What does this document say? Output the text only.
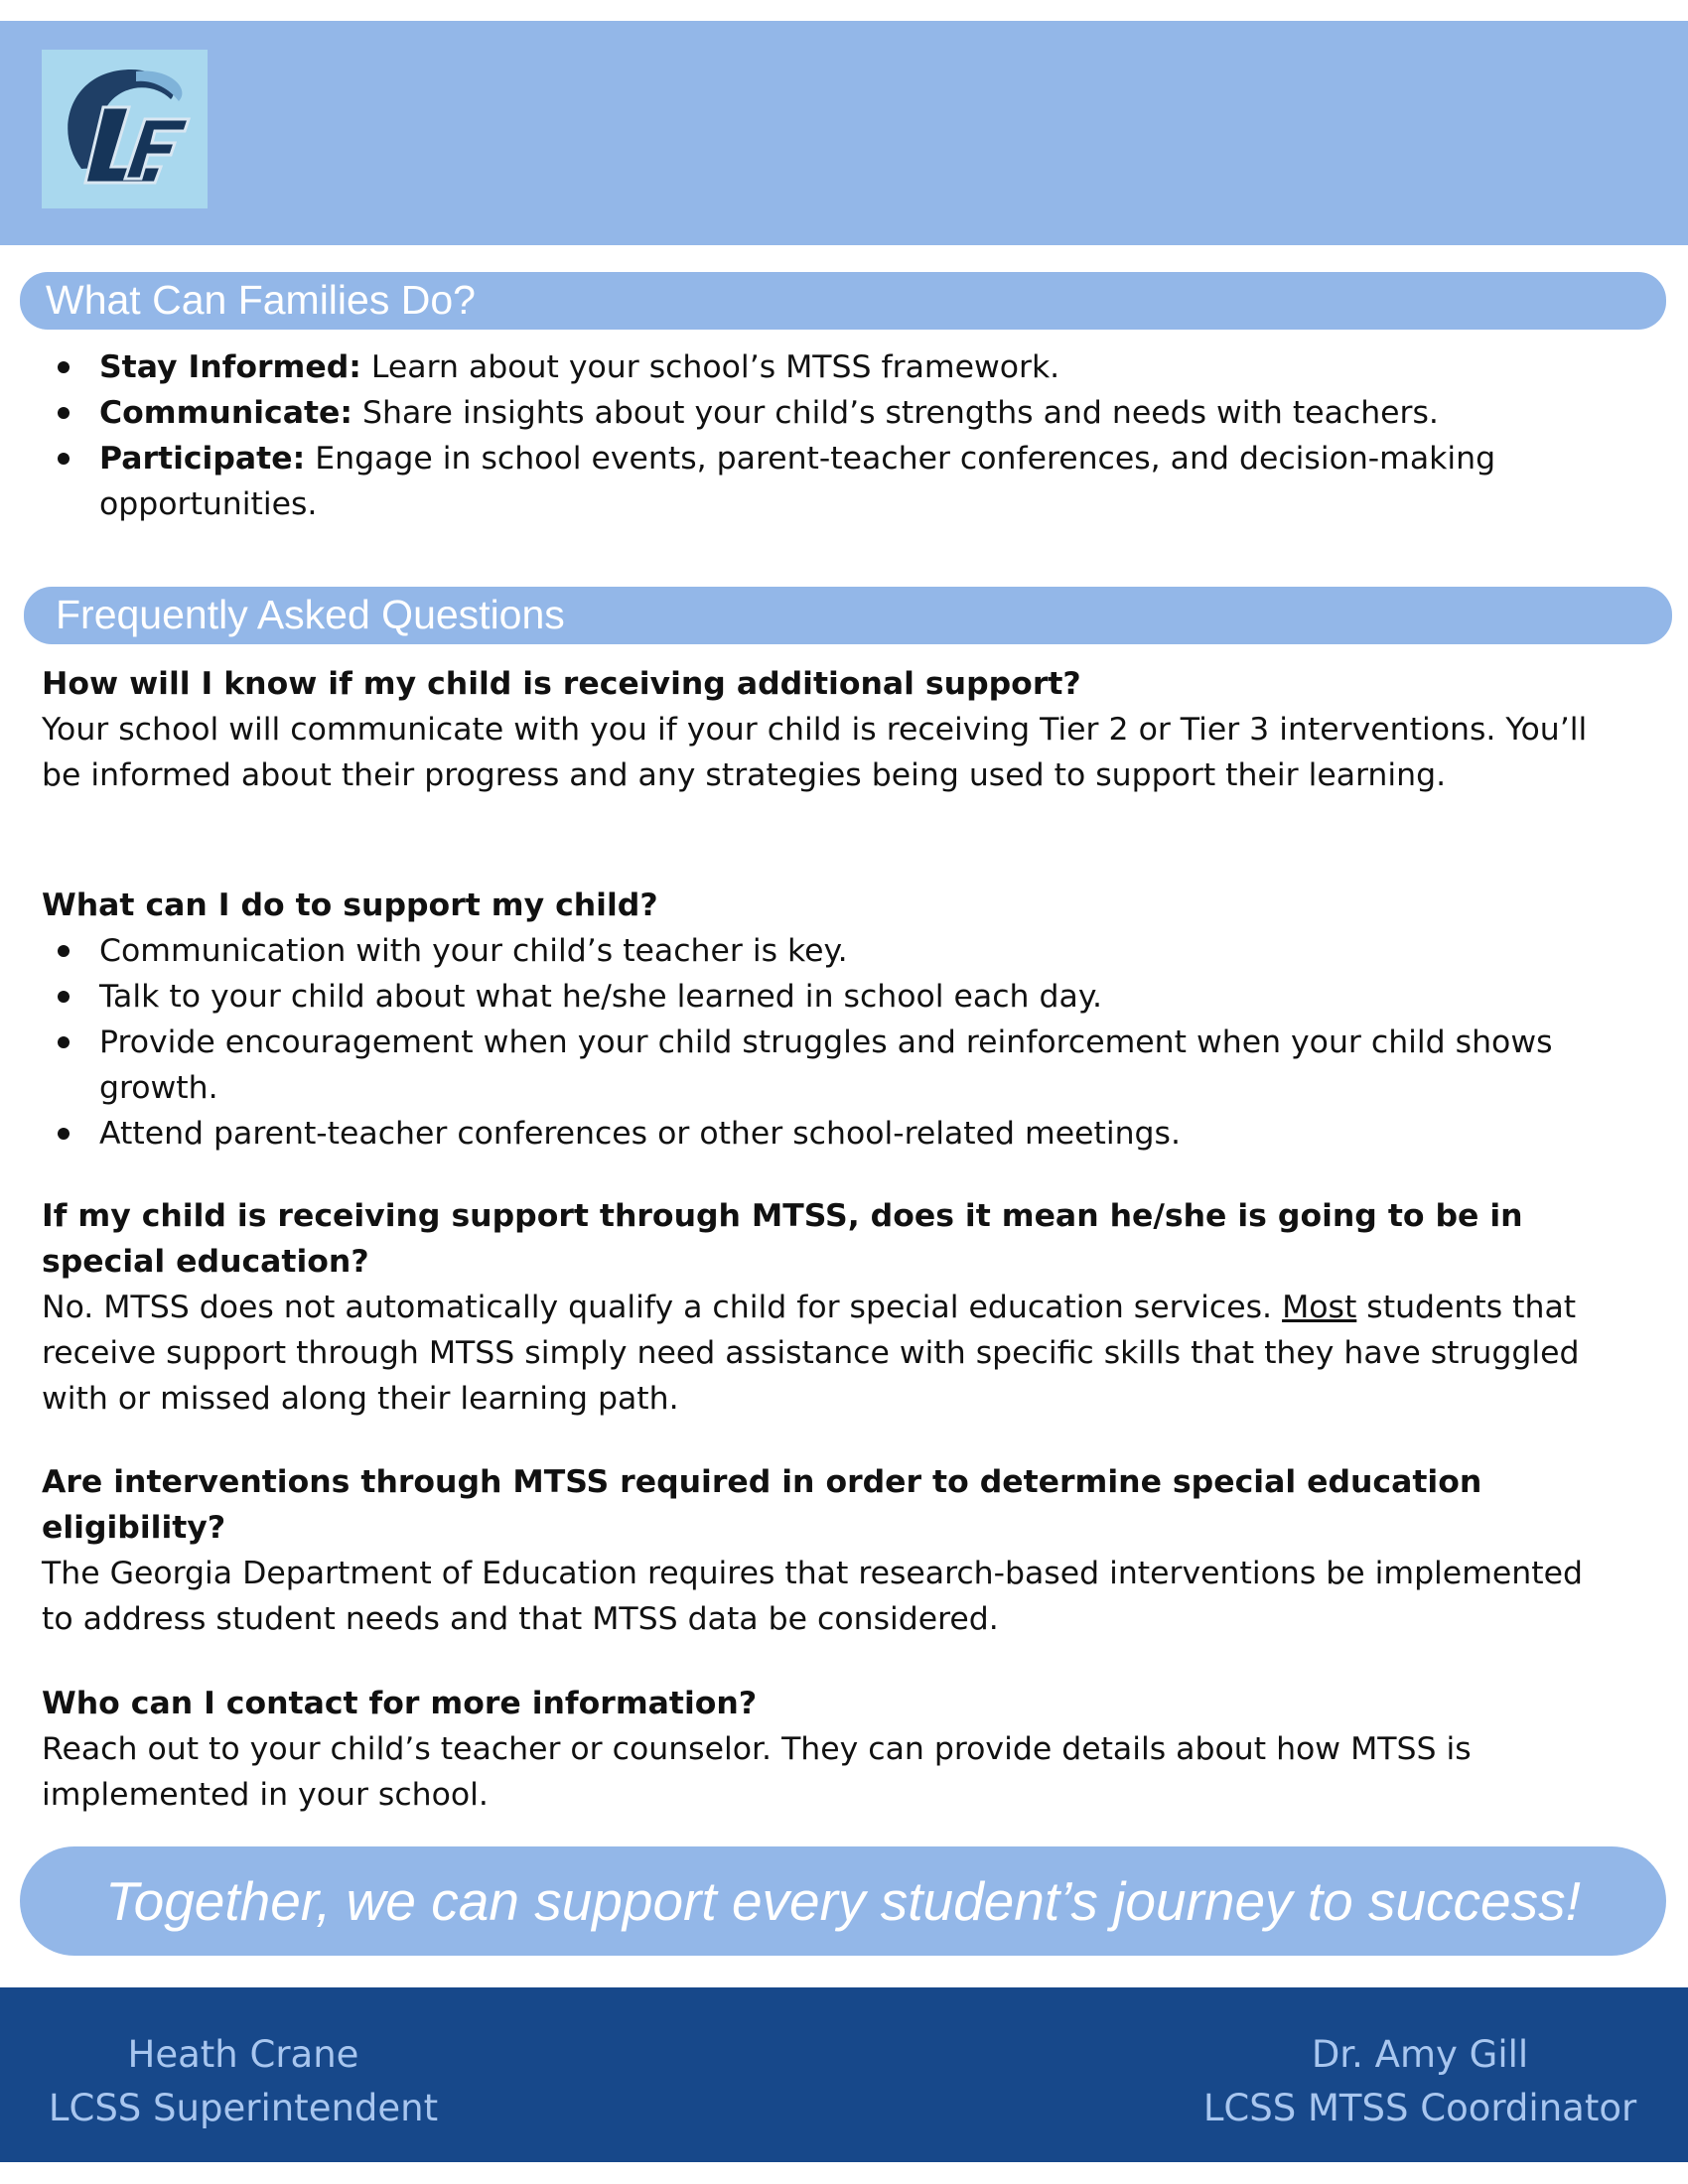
What Can Families Do?
Stay Informed: Learn about your school’s MTSS framework.
Communicate: Share insights about your child’s strengths and needs with teachers.
Participate: Engage in school events, parent-teacher conferences, and decision-making opportunities.
Frequently Asked Questions
How will I know if my child is receiving additional support?
Your school will communicate with you if your child is receiving Tier 2 or Tier 3 interventions. You’ll be informed about their progress and any strategies being used to support their learning.
What can I do to support my child?
Communication with your child’s teacher is key.
Talk to your child about what he/she learned in school each day.
Provide encouragement when your child struggles and reinforcement when your child shows growth.
Attend parent-teacher conferences or other school-related meetings.
If my child is receiving support through MTSS, does it mean he/she is going to be in special education?
No. MTSS does not automatically qualify a child for special education services. Most students that receive support through MTSS simply need assistance with specific skills that they have struggled with or missed along their learning path.
Are interventions through MTSS required in order to determine special education eligibility?
The Georgia Department of Education requires that research-based interventions be implemented to address student needs and that MTSS data be considered.
Who can I contact for more information?
Reach out to your child’s teacher or counselor. They can provide details about how MTSS is implemented in your school.
Together, we can support every student’s journey to success!
Heath Crane
LCSS Superintendent
Dr. Amy Gill
LCSS MTSS Coordinator
